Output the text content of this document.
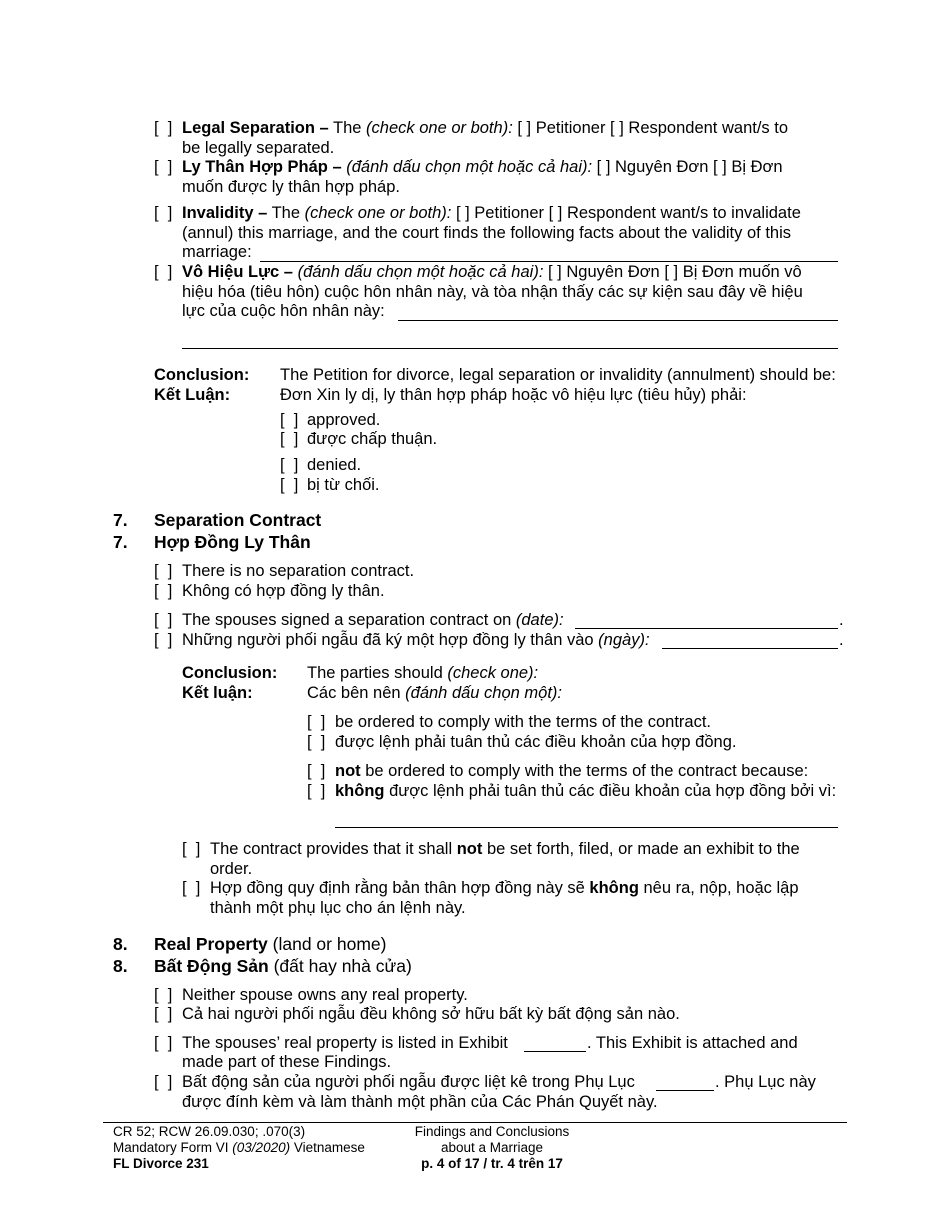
[  ] Legal Separation – The (check one or both): [ ] Petitioner [ ] Respondent want/s to
be legally separated.
[  ] Ly Thân Hợp Pháp – (đánh dấu chọn một hoặc cả hai): [ ] Nguyên Đơn [ ] Bị Đơn
muốn được ly thân hợp pháp.
[  ] Invalidity – The (check one or both): [ ] Petitioner [ ] Respondent want/s to invalidate
(annul) this marriage, and the court finds the following facts about the validity of this
marriage:
[  ] Vô Hiệu Lực – (đánh dấu chọn một hoặc cả hai): [ ] Nguyên Đơn [ ] Bị Đơn muốn vô
hiệu hóa (tiêu hôn) cuộc hôn nhân này, và tòa nhận thấy các sự kiện sau đây về hiệu
lực của cuộc hôn nhân này:
Conclusion:
Kết Luận:
The Petition for divorce, legal separation or invalidity (annulment) should be:
Đơn Xin ly dị, ly thân hợp pháp hoặc vô hiệu lực (tiêu hủy) phải:
[  ] approved.
[  ] được chấp thuận.
[  ] denied.
[  ] bị từ chối.
7. Separation Contract
7. Hợp Đồng Ly Thân
[  ] There is no separation contract.
[  ] Không có hợp đồng ly thân.
[  ] The spouses signed a separation contract on (date):	.
[  ] Những người phối ngẫu đã ký một hợp đồng ly thân vào (ngày):	.
Conclusion:
Kết luận:
The parties should (check one):
Các bên nên (đánh dấu chọn một):
[  ] be ordered to comply with the terms of the contract.
[  ] được lệnh phải tuân thủ các điều khoản của hợp đồng.
[  ] not be ordered to comply with the terms of the contract because:
[  ] không được lệnh phải tuân thủ các điều khoản của hợp đồng bởi vì:
[  ] The contract provides that it shall not be set forth, filed, or made an exhibit to the
order.
[  ] Hợp đồng quy định rằng bản thân hợp đồng này sẽ không nêu ra, nộp, hoặc lập
thành một phụ lục cho án lệnh này.
8. Real Property (land or home)
8. Bất Động Sản (đất hay nhà cửa)
[  ] Neither spouse owns any real property.
[  ] Cả hai người phối ngẫu đều không sở hữu bất kỳ bất động sản nào.
[  ] The spouses’ real property is listed in Exhibit	. This Exhibit is attached and
made part of these Findings.
[  ] Bất động sản của người phối ngẫu được liệt kê trong Phụ Lục	. Phụ Lục này
được đính kèm và làm thành một phần của Các Phán Quyết này.
CR 52; RCW 26.09.030; .070(3)
Mandatory Form VI (03/2020) Vietnamese
FL Divorce 231
Findings and Conclusions
about a Marriage
p. 4 of 17 / tr. 4 trên 17
